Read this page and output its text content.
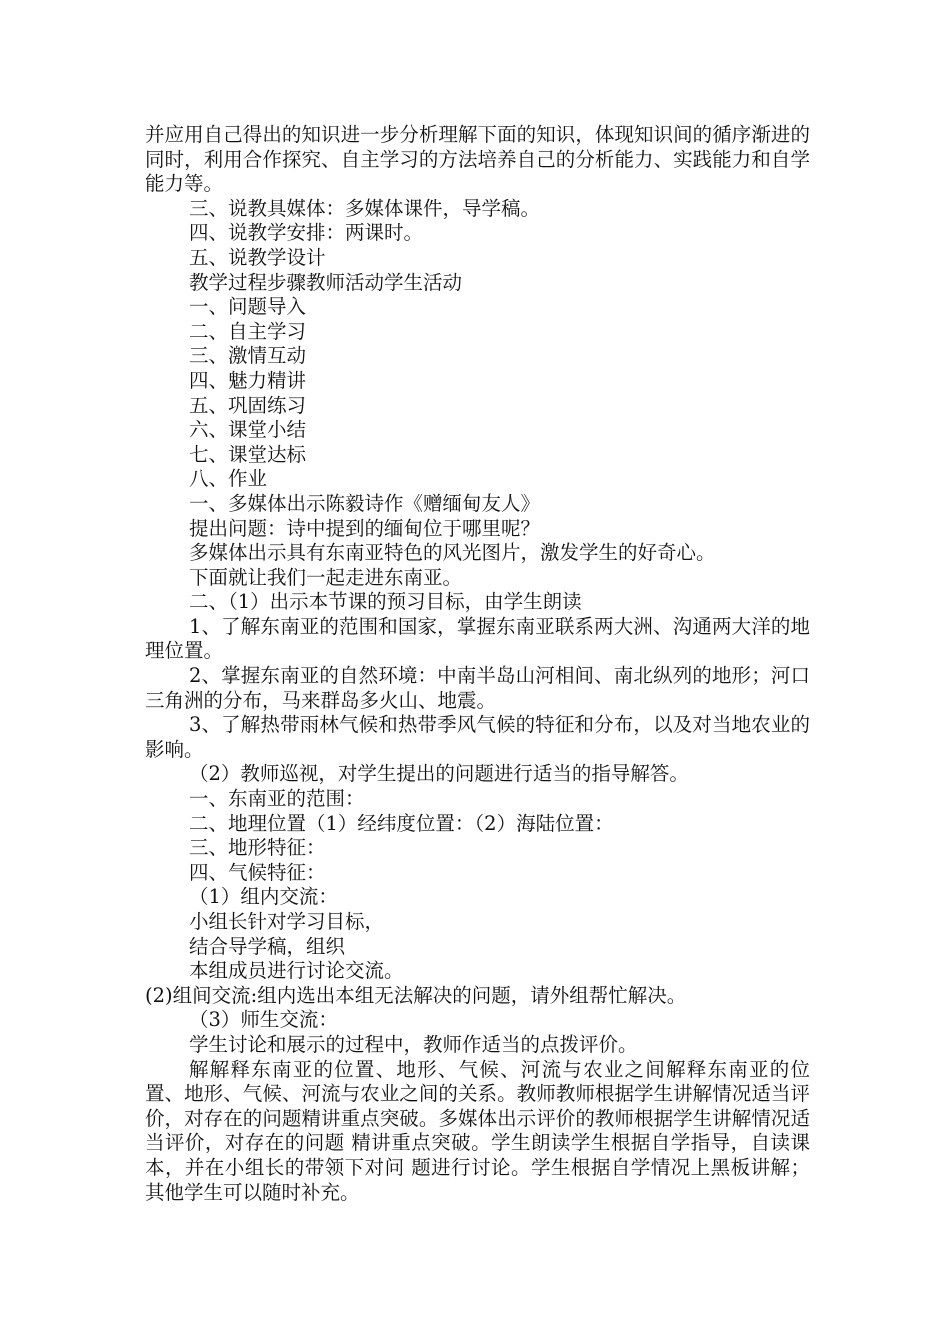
并应用自己得出的知识进一步分析理解下面的知识，体现知识间的循序渐进的同时，利用合作探究、自主学习的方法培养自己的分析能力、实践能力和自学能力等。

三、说教具媒体：多媒体课件，导学稿。

四、说教学安排：两课时。

五、说教学设计

教学过程步骤教师活动学生活动

一、问题导入

二、自主学习

三、激情互动

四、魅力精讲

五、巩固练习

六、课堂小结

七、课堂达标

八、作业

一、多媒体出示陈毅诗作《赠缅甸友人》

提出问题：诗中提到的缅甸位于哪里呢？

多媒体出示具有东南亚特色的风光图片，激发学生的好奇心。

下面就让我们一起走进东南亚。

二、（1）出示本节课的预习目标，由学生朗读

1、了解东南亚的范围和国家，掌握东南亚联系两大洲、沟通两大洋的地理位置。

2、掌握东南亚的自然环境：中南半岛山河相间、南北纵列的地形；河口三角洲的分布，马来群岛多火山、地震。

3、了解热带雨林气候和热带季风气候的特征和分布，以及对当地农业的影响。

（2）教师巡视，对学生提出的问题进行适当的指导解答。

一、东南亚的范围：

二、地理位置（1）经纬度位置：（2）海陆位置：

三、地形特征：

四、气候特征：

（1）组内交流：

小组长针对学习目标，

结合导学稿，组织

本组成员进行讨论交流。

(2)组间交流:组内选出本组无法解决的问题，请外组帮忙解决。

（3）师生交流：

学生讨论和展示的过程中，教师作适当的点拨评价。

解解释东南亚的位置、地形、气候、河流与农业之间解释东南亚的位置、地形、气候、河流与农业之间的关系。教师教师根据学生讲解情况适当评价，对存在的问题精讲重点突破。多媒体出示评价的教师根据学生讲解情况适当评价，对存在的问题 精讲重点突破。学生朗读学生根据自学指导，自读课本，并在小组长的带领下对问 题进行讨论。学生根据自学情况上黑板讲解；其他学生可以随时补充。
